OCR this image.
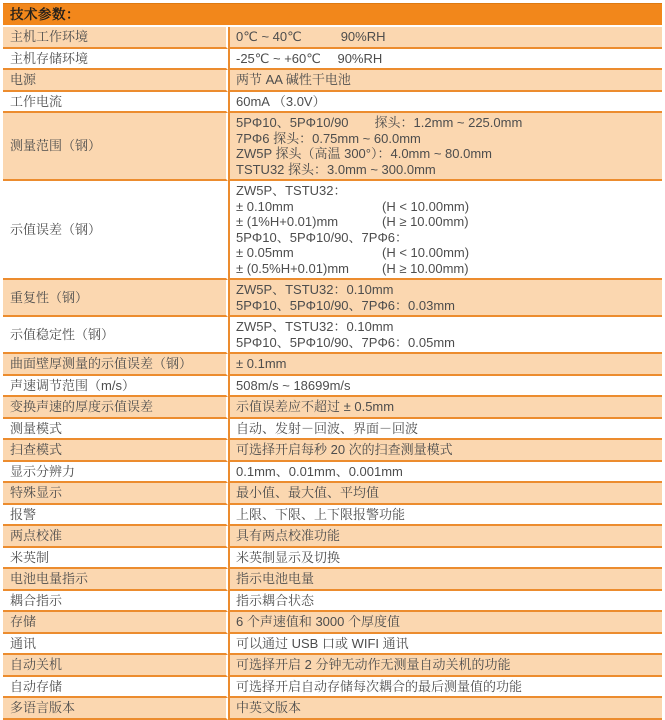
技术参数：
主机工作环境	0℃ ~ 40℃　　　90%RH

主机存储环境	-25℃ ~ +60℃　 90%RH

电源	两节 AA 碱性干电池

工作电流	60mA （3.0V）

测量范围（钢）	5PΦ10、5PΦ10/90　　探头：1.2mm ~ 225.0mm
7PΦ6 探头：0.75mm ~ 60.0mm
ZW5P 探头（高温 300°）：4.0mm ~ 80.0mm
TSTU32 探头：3.0mm ~ 300.0mm

示值误差（钢）	
ZW5P、TSTU32：
± 0.10mm	(H < 10.00mm)
± (1%H+0.01)mm	(H ≥ 10.00mm)
5PΦ10、5PΦ10/90、7PΦ6：
± 0.05mm	(H < 10.00mm)
± (0.5%H+0.01)mm	(H ≥ 10.00mm)

重复性（钢）	ZW5P、TSTU32：0.10mm
5PΦ10、5PΦ10/90、7PΦ6：0.03mm

示值稳定性（钢）	ZW5P、TSTU32：0.10mm
5PΦ10、5PΦ10/90、7PΦ6：0.05mm

曲面壁厚测量的示值误差（钢）	± 0.1mm

声速调节范围（m/s）	508m/s ~ 18699m/s

变换声速的厚度示值误差	示值误差应不超过 ± 0.5mm

测量模式	自动、发射－回波、界面－回波

扫查模式	可选择开启每秒 20 次的扫查测量模式

显示分辨力	0.1mm、0.01mm、0.001mm

特殊显示	最小值、最大值、平均值

报警	上限、下限、上下限报警功能

两点校准	具有两点校准功能

米英制	米英制显示及切换

电池电量指示	指示电池电量

耦合指示	指示耦合状态

存储	6 个声速值和 3000 个厚度值

通讯	可以通过 USB 口或 WIFI 通讯

自动关机	可选择开启 2 分钟无动作无测量自动关机的功能

自动存储	可选择开启自动存储每次耦合的最后测量值的功能

多语言版本	中英文版本
